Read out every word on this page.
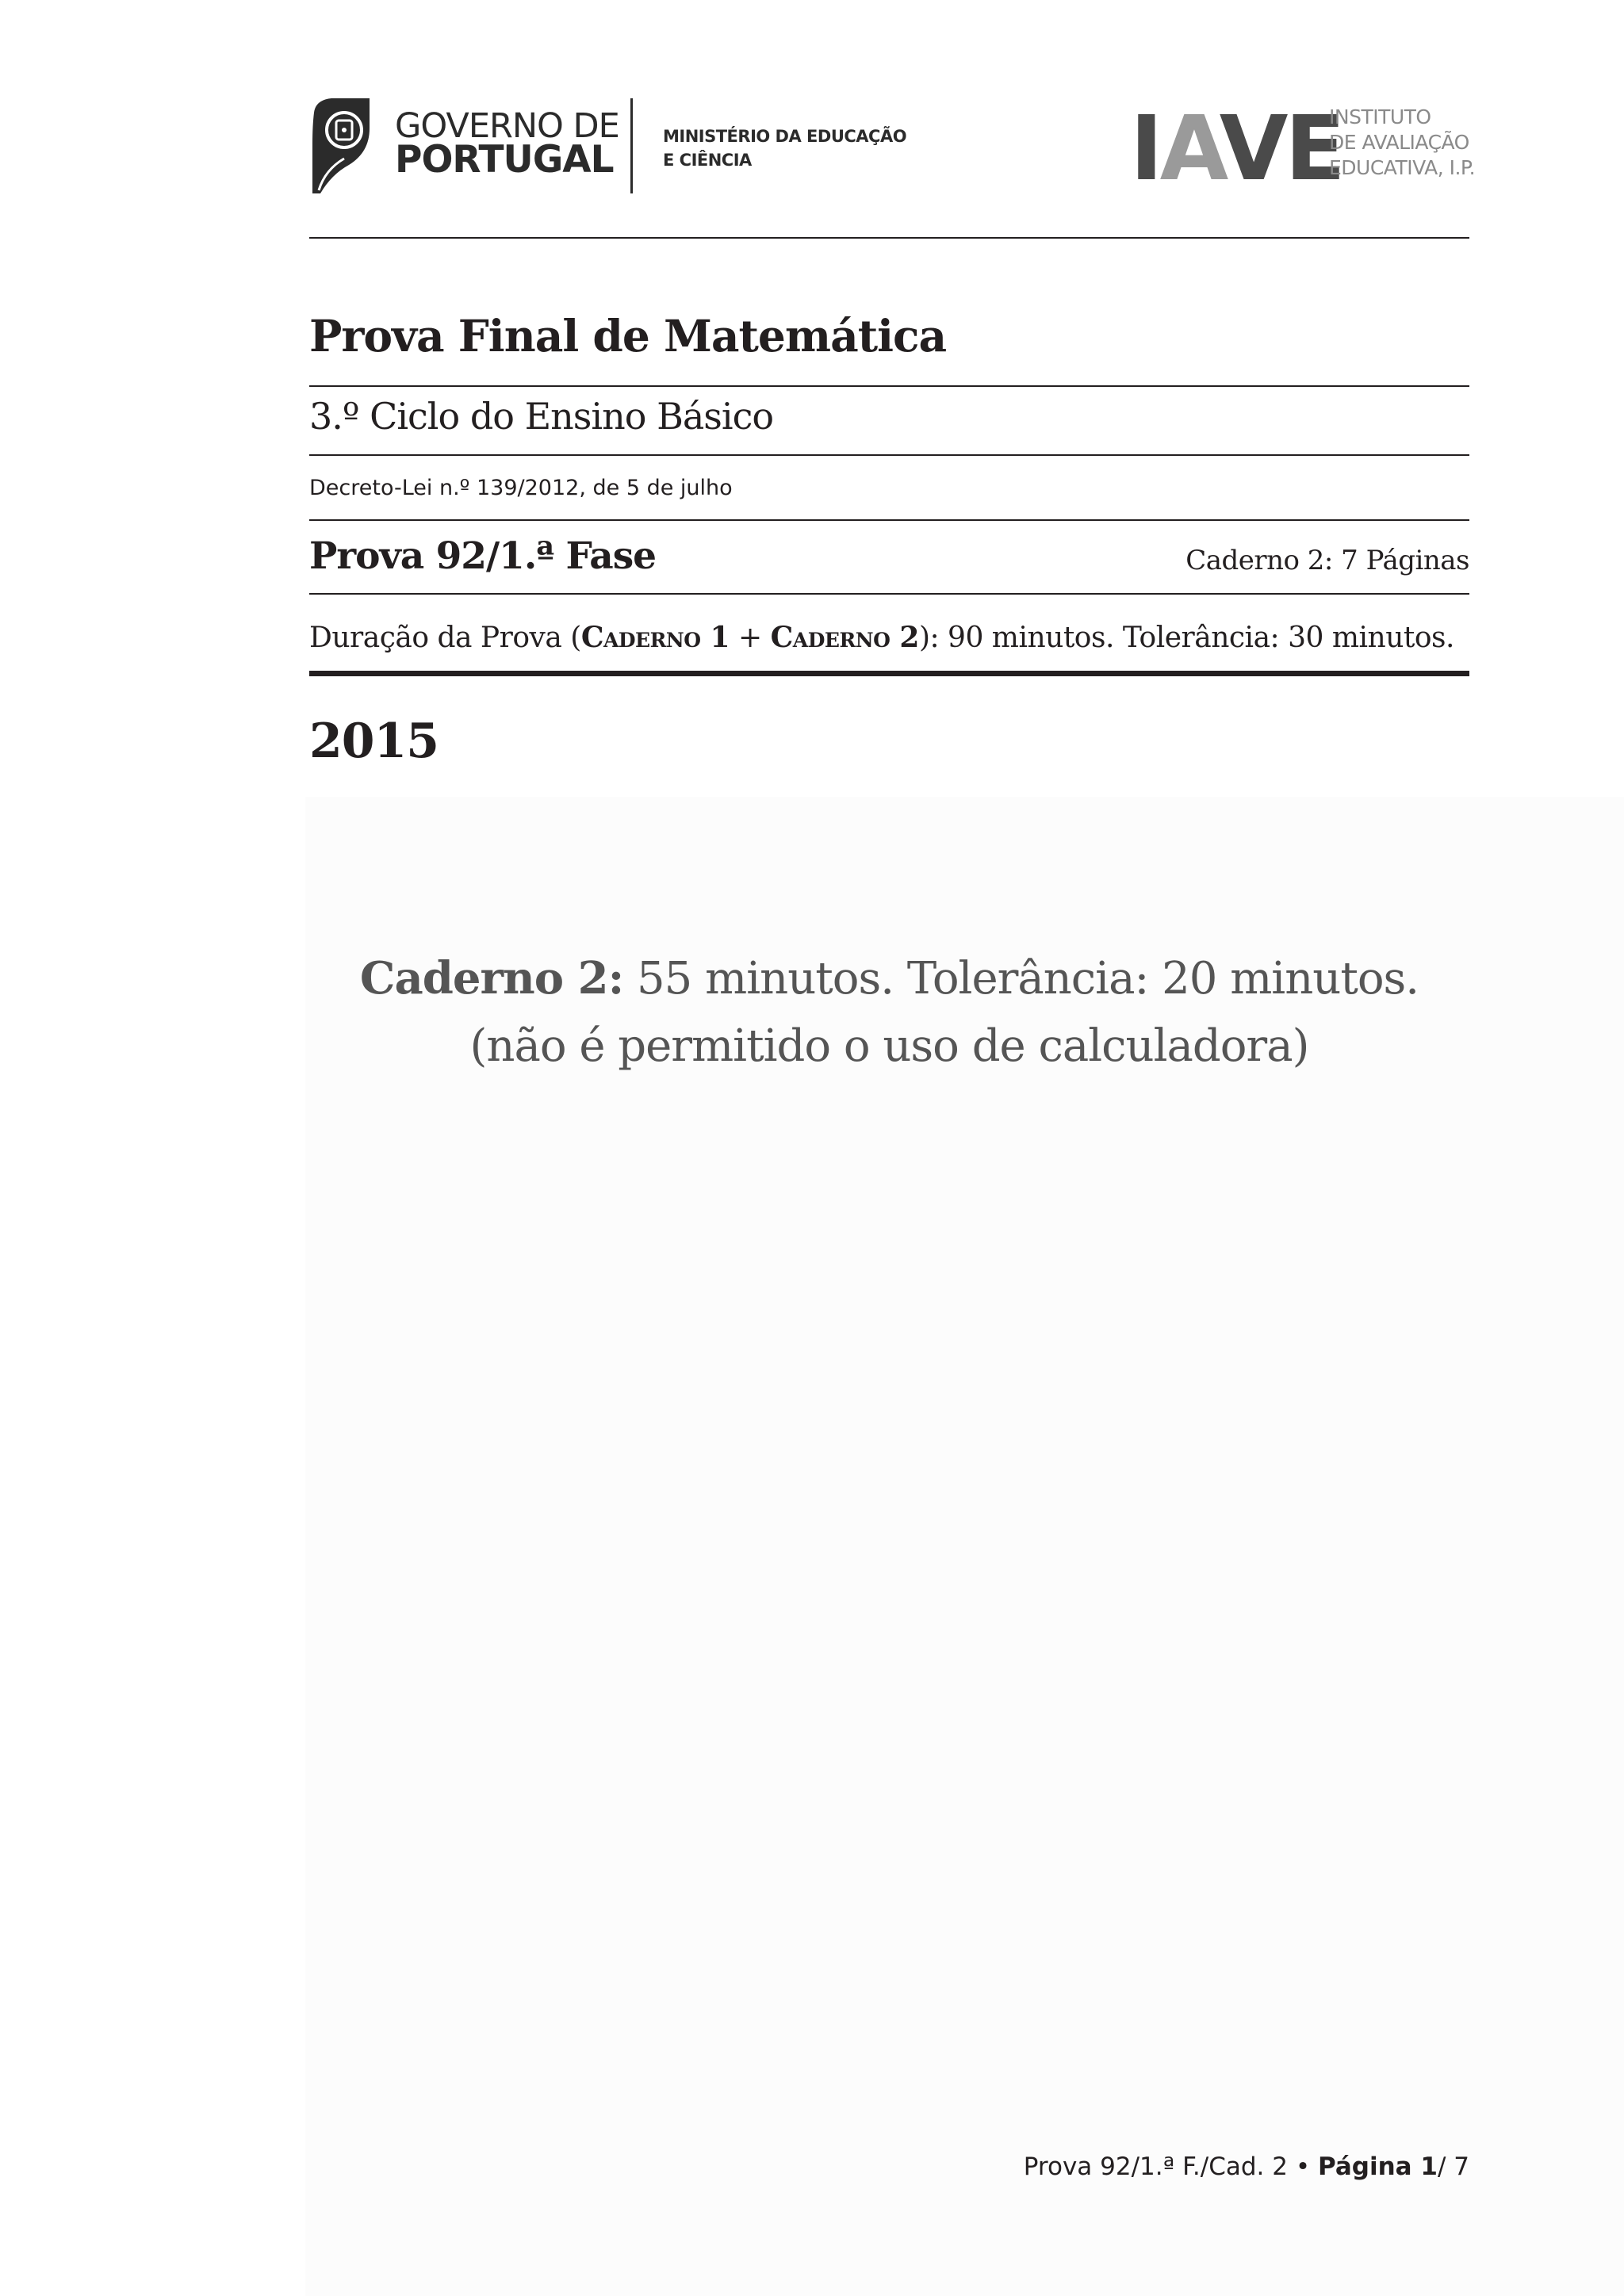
GOVERNO DE
PORTUGAL
MINISTÉRIO DA EDUCAÇÃO
E CIÊNCIA	IAVE
INSTITUTO
DE AVALIAÇÃO
EDUCATIVA, I.P.
Prova Final de Matemática
3.º Ciclo do Ensino Básico
Decreto-Lei n.º 139/2012, de 5 de julho
Prova 92/1.ª Fase	Caderno 2: 7 Páginas
Duração da Prova (Caderno 1 + Caderno 2): 90 minutos. Tolerância: 30 minutos.
2015
Caderno 2: 55 minutos. Tolerância: 20 minutos.
(não é permitido o uso de calculadora)
Prova 92/1.ª F./Cad. 2 • Página 1/ 7
